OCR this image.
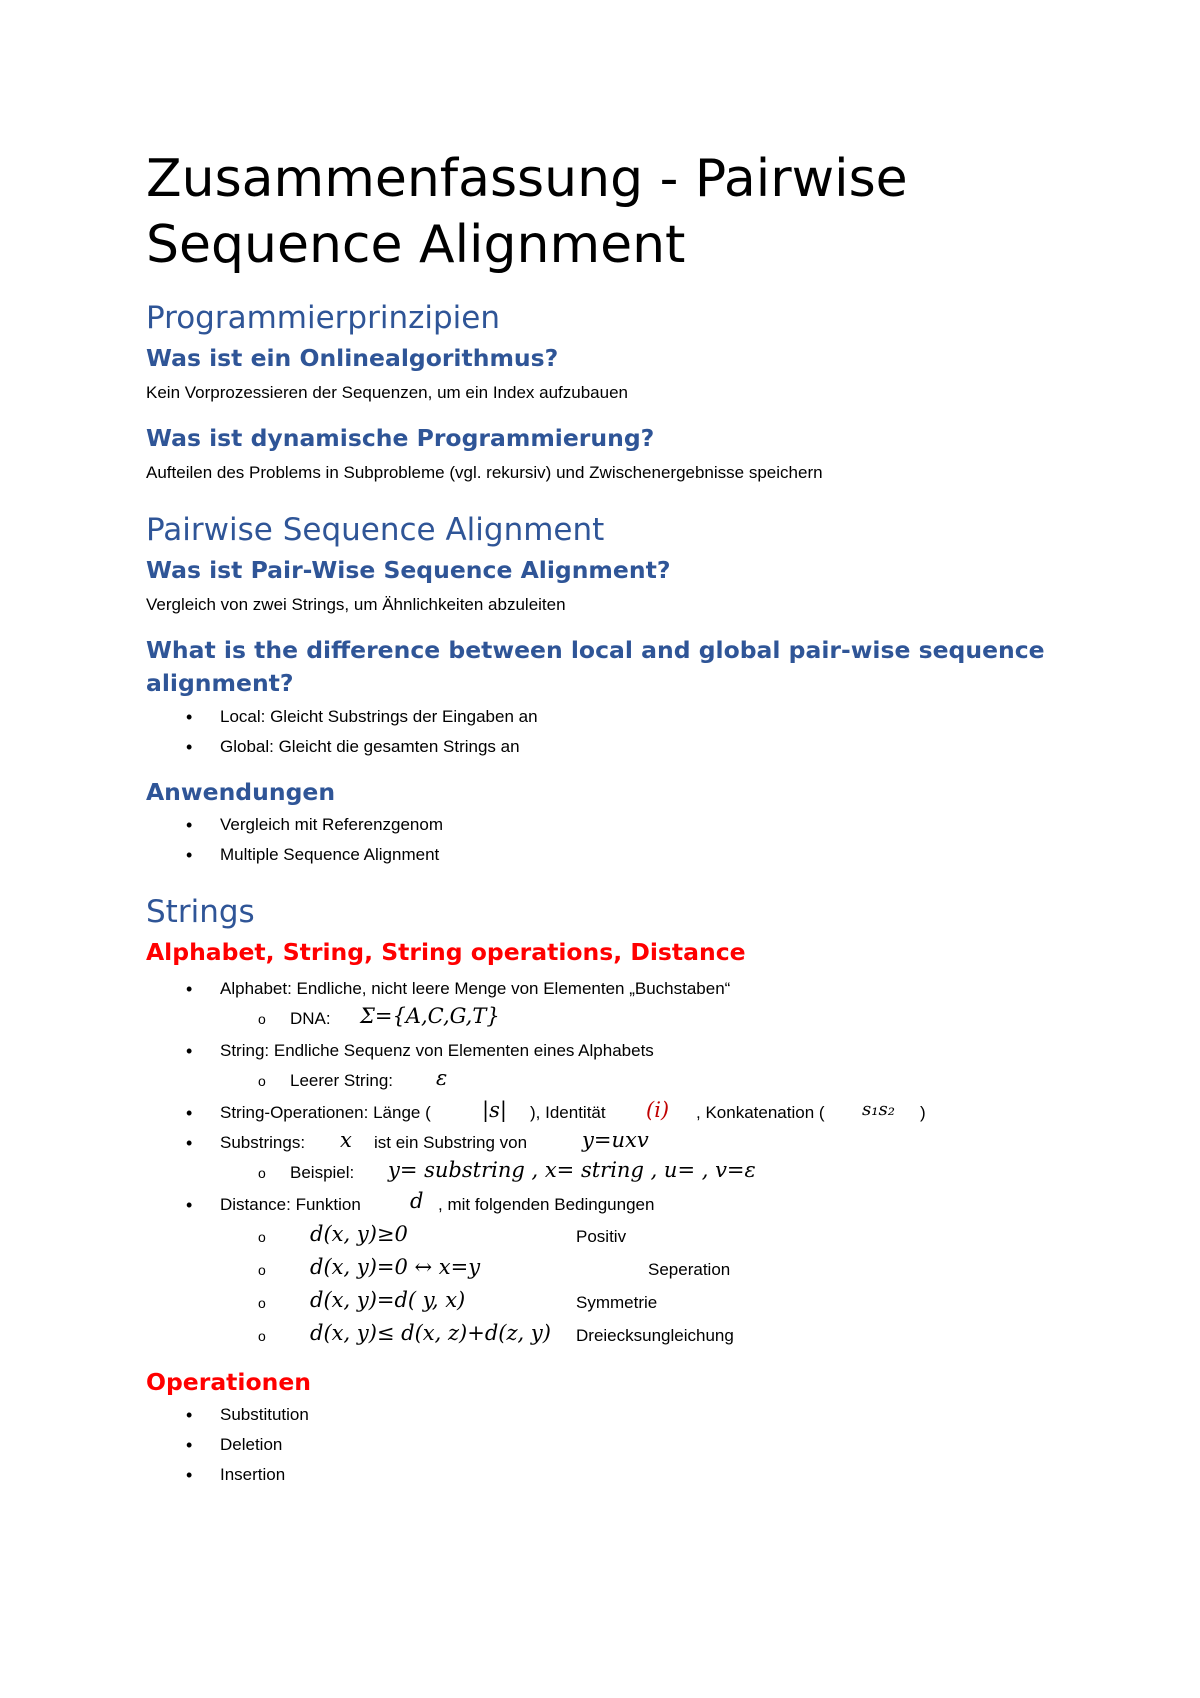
Zusammenfassung - Pairwise Sequence Alignment
Programmierprinzipien
Was ist ein Onlinealgorithmus?

Kein Vorprozessieren der Sequenzen, um ein Index aufzubauen

Was ist dynamische Programmierung?

Aufteilen des Problems in Subprobleme (vgl. rekursiv) und Zwischenergebnisse speichern

Pairwise Sequence Alignment
Was ist Pair-Wise Sequence Alignment?

Vergleich von zwei Strings, um Ähnlichkeiten abzuleiten

What is the difference between local and global pair-wise sequence alignment?
Local: Gleicht Substrings der Eingaben an
Global: Gleicht die gesamten Strings an
Anwendungen
Vergleich mit Referenzgenom
Multiple Sequence Alignment
Strings
Alphabet, String, String operations, Distance
Alphabet: Endliche, nicht leere Menge von Elementen „Buchstaben“
DNA: Σ={A,C,G,T}
String: Endliche Sequenz von Elementen eines Alphabets
Leerer String: ε
String-Operationen: Länge ( |s| ), Identität (i) , Konkatenation ( s₁s₂ )
Substrings: x ist ein Substring von	y=uxv
Beispiel: y= substring , x= string , u= , v=ε
Distance: Funktion d , mit folgenden Bedingungen
d(x, y)≥0	Positiv
d(x, y)=0 ↔ x=y	Seperation
d(x, y)=d( y, x)	Symmetrie
d(x, y)≤ d(x, z)+d(z, y) Dreiecksungleichung
Operationen
Substitution
Deletion
Insertion
